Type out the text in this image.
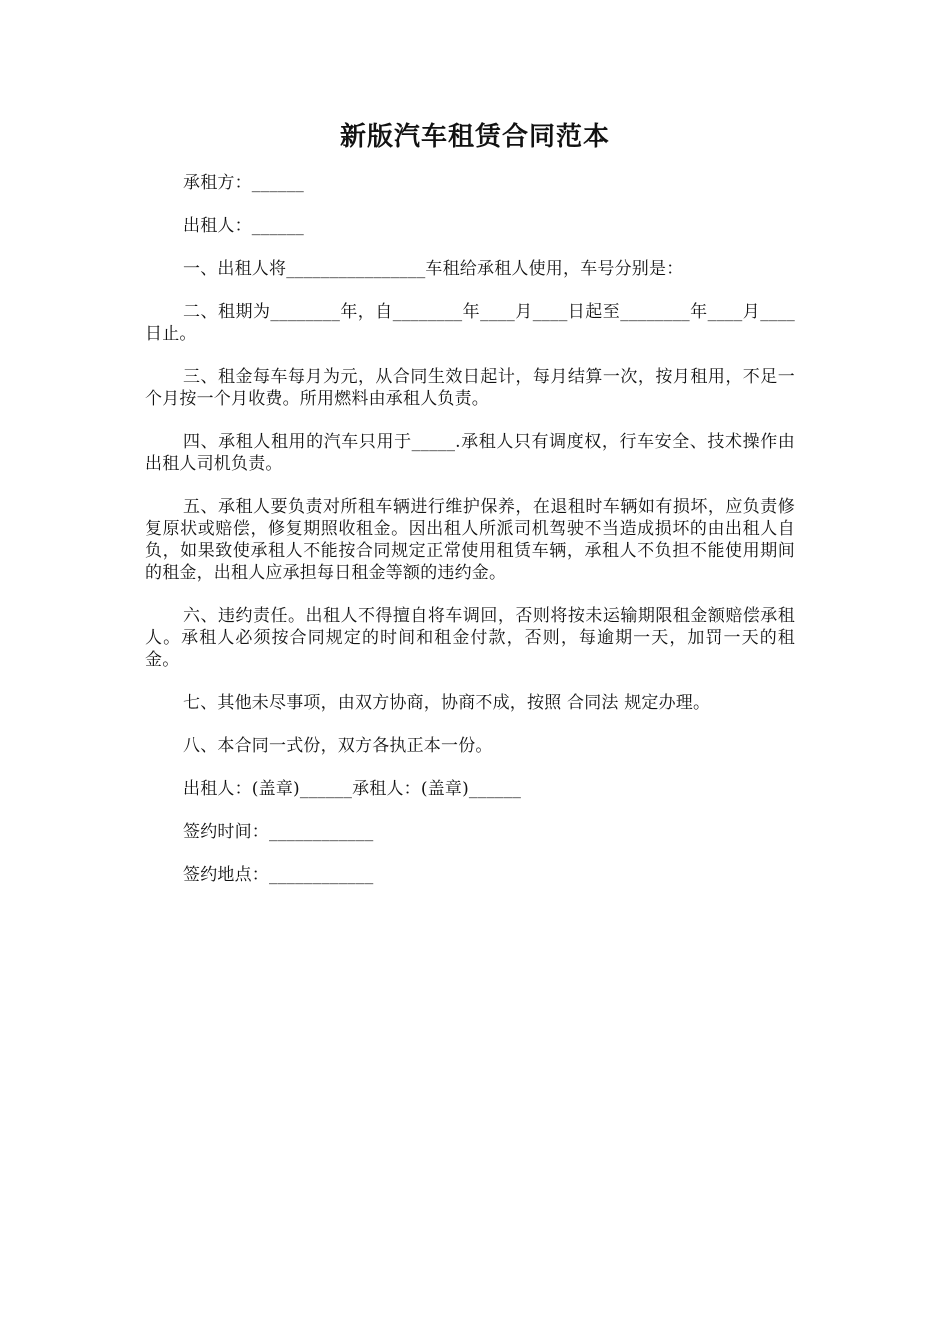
新版汽车租赁合同范本

承租方：______

出租人：______

一、出租人将________________车租给承租人使用，车号分别是：

二、租期为________年，自________年____月____日起至________年____月____日止。

三、租金每车每月为元，从合同生效日起计，每月结算一次，按月租用，不足一个月按一个月收费。所用燃料由承租人负责。

四、承租人租用的汽车只用于_____.承租人只有调度权，行车安全、技术操作由出租人司机负责。

五、承租人要负责对所租车辆进行维护保养，在退租时车辆如有损坏，应负责修复原状或赔偿，修复期照收租金。因出租人所派司机驾驶不当造成损坏的由出租人自负，如果致使承租人不能按合同规定正常使用租赁车辆，承租人不负担不能使用期间的租金，出租人应承担每日租金等额的违约金。

六、违约责任。出租人不得擅自将车调回，否则将按未运输期限租金额赔偿承租人。承租人必须按合同规定的时间和租金付款，否则，每逾期一天，加罚一天的租金。

七、其他未尽事项，由双方协商，协商不成，按照 合同法 规定办理。

八、本合同一式份，双方各执正本一份。

出租人：(盖章)______承租人：(盖章)______

签约时间：____________

签约地点：____________
